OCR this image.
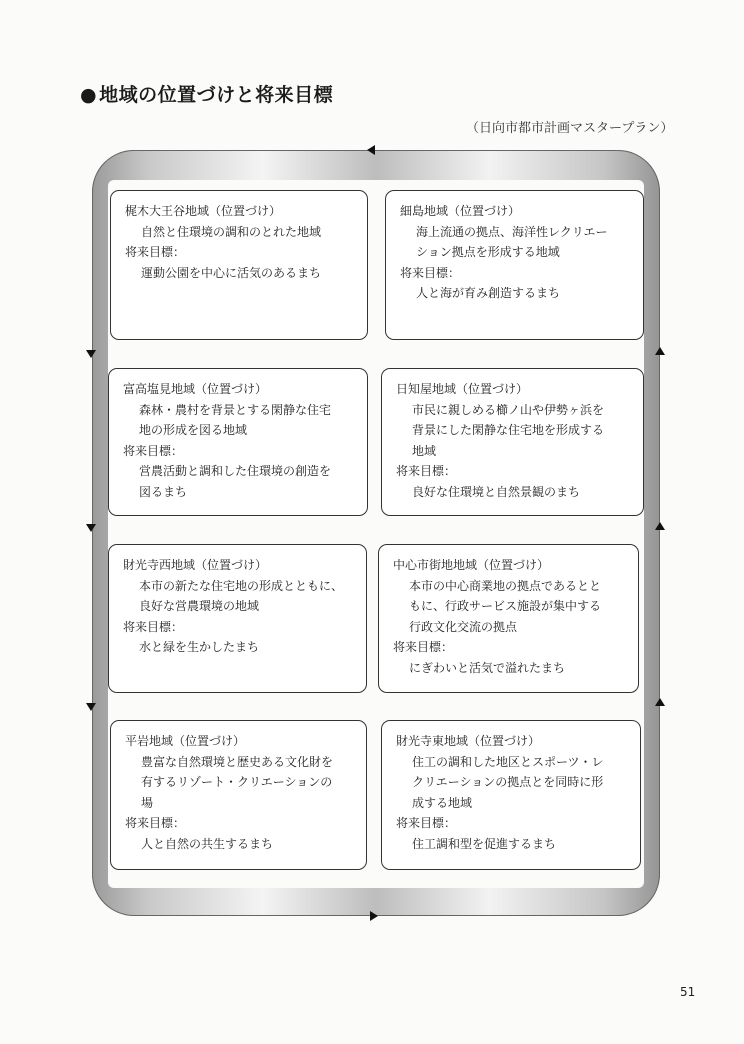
● 地域の位置づけと将来目標
（日向市都市計画マスタープラン）
梶木大王谷地域（位置づけ）
自然と住環境の調和のとれた地域
将来目標：
運動公園を中心に活気のあるまち
細島地域（位置づけ）
海上流通の拠点、海洋性レクリエー
ション拠点を形成する地域
将来目標：
人と海が育み創造するまち
富高塩見地域（位置づけ）
森林・農村を背景とする閑静な住宅
地の形成を図る地域
将来目標：
営農活動と調和した住環境の創造を
図るまち
日知屋地域（位置づけ）
市民に親しめる櫛ノ山や伊勢ヶ浜を
背景にした閑静な住宅地を形成する
地域
将来目標：
良好な住環境と自然景観のまち
財光寺西地域（位置づけ）
本市の新たな住宅地の形成とともに、
良好な営農環境の地域
将来目標：
水と緑を生かしたまち
中心市街地地域（位置づけ）
本市の中心商業地の拠点であるとと
もに、行政サービス施設が集中する
行政文化交流の拠点
将来目標：
にぎわいと活気で溢れたまち
平岩地域（位置づけ）
豊富な自然環境と歴史ある文化財を
有するリゾート・クリエーションの
場
将来目標：
人と自然の共生するまち
財光寺東地域（位置づけ）
住工の調和した地区とスポーツ・レ
クリエーションの拠点とを同時に形
成する地域
将来目標：
住工調和型を促進するまち
51
